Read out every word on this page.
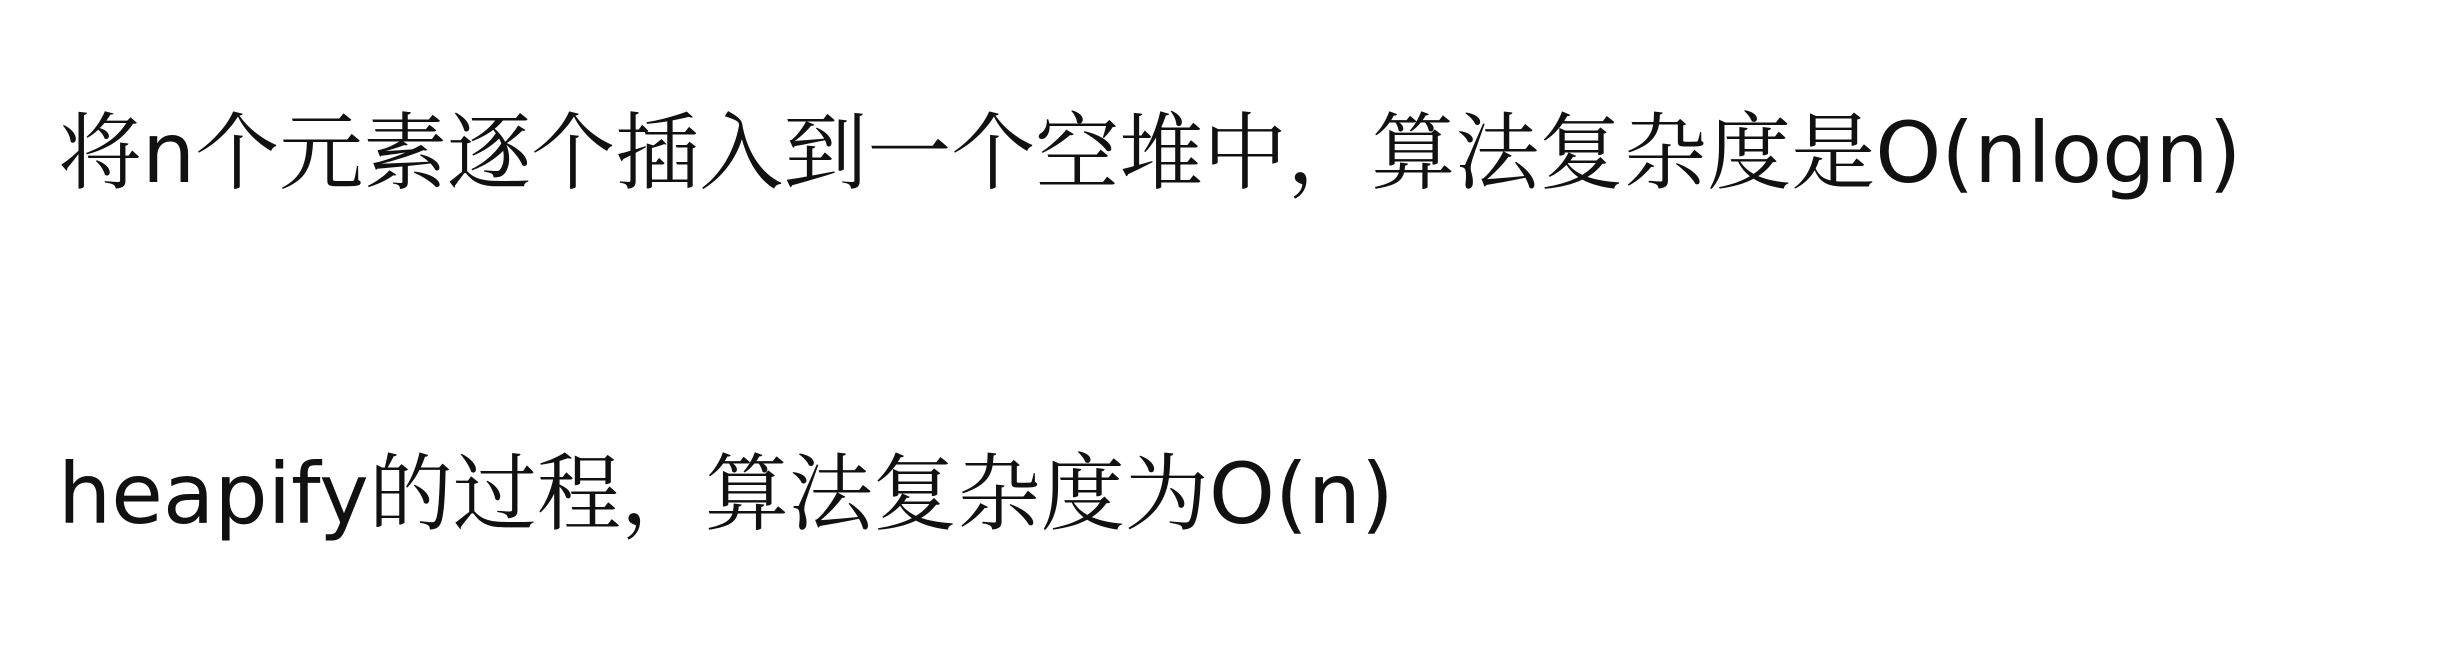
将n个元素逐个插入到一个空堆中，算法复杂度是O(nlogn)

heapify的过程，算法复杂度为O(n)
